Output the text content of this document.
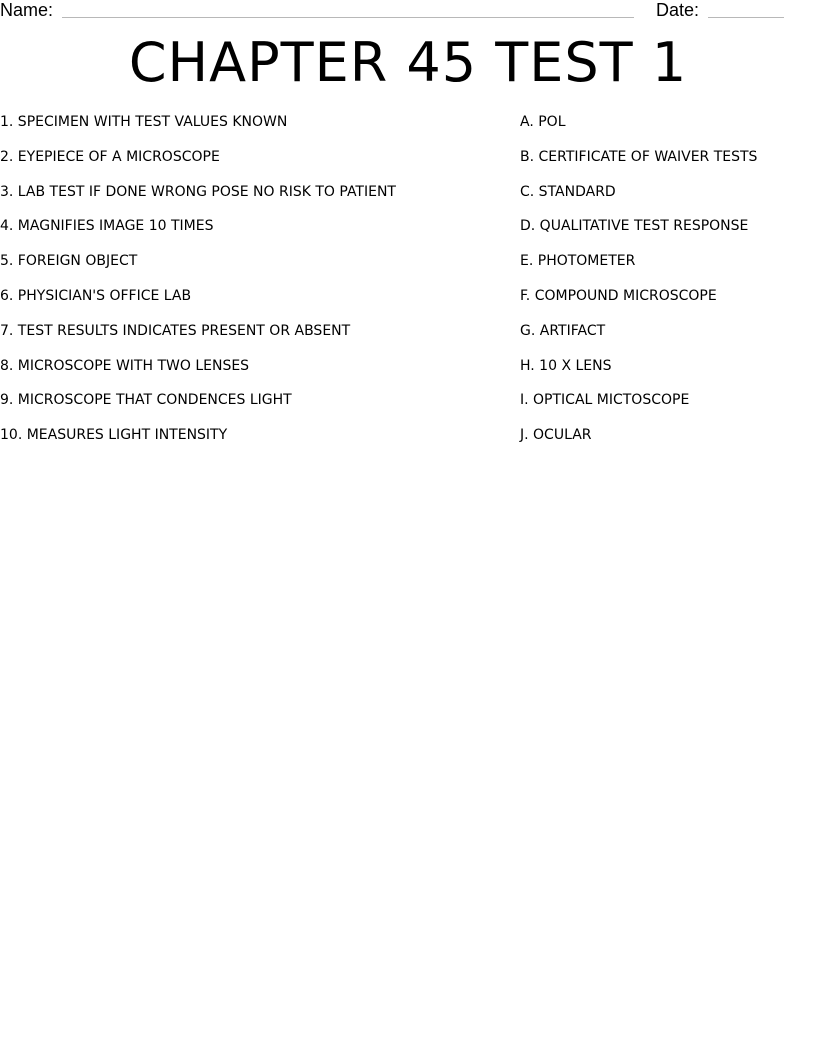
Name:	Date:
CHAPTER 45 TEST 1
1. SPECIMEN WITH TEST VALUES KNOWN
2. EYEPIECE OF A MICROSCOPE
3. LAB TEST IF DONE WRONG POSE NO RISK TO PATIENT
4. MAGNIFIES IMAGE 10 TIMES
5. FOREIGN OBJECT
6. PHYSICIAN'S OFFICE LAB
7. TEST RESULTS INDICATES PRESENT OR ABSENT
8. MICROSCOPE WITH TWO LENSES
9. MICROSCOPE THAT CONDENCES LIGHT
10. MEASURES LIGHT INTENSITY
A. POL
B. CERTIFICATE OF WAIVER TESTS
C. STANDARD
D. QUALITATIVE TEST RESPONSE
E. PHOTOMETER
F. COMPOUND MICROSCOPE
G. ARTIFACT
H. 10 X LENS
I. OPTICAL MICTOSCOPE
J. OCULAR
